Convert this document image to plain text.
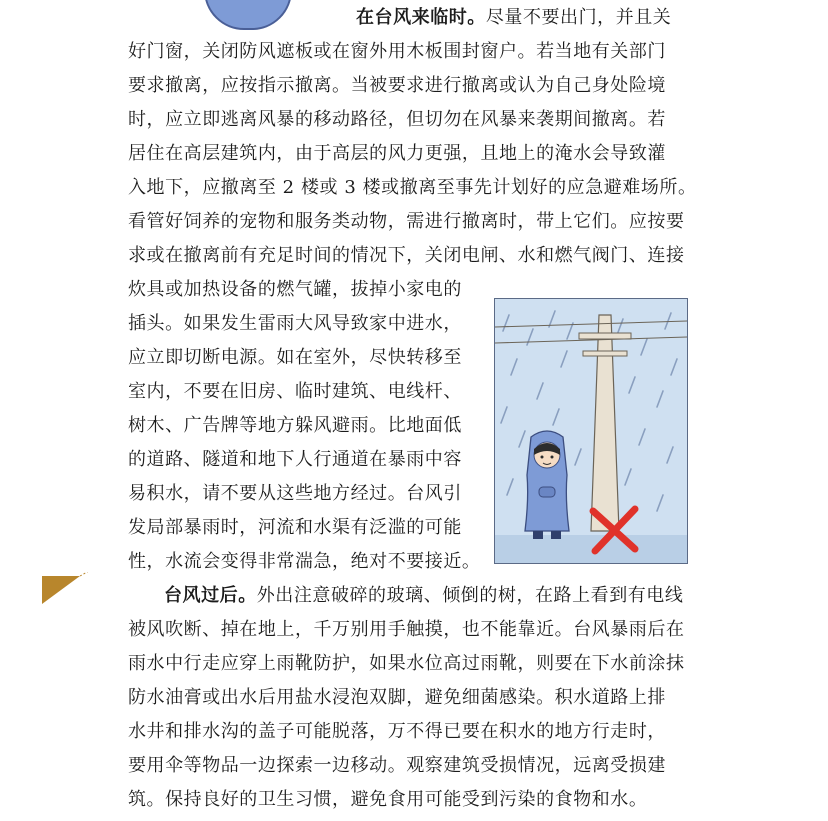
在台风来临时。尽量不要出门，并且关
好门窗，关闭防风遮板或在窗外用木板围封窗户。若当地有关部门
要求撤离，应按指示撤离。当被要求进行撤离或认为自己身处险境
时，应立即逃离风暴的移动路径，但切勿在风暴来袭期间撤离。若
居住在高层建筑内，由于高层的风力更强，且地上的淹水会导致灌
入地下，应撤离至 2 楼或 3 楼或撤离至事先计划好的应急避难场所。
看管好饲养的宠物和服务类动物，需进行撤离时，带上它们。应按要
求或在撤离前有充足时间的情况下，关闭电闸、水和燃气阀门、连接
炊具或加热设备的燃气罐，拔掉小家电的
插头。如果发生雷雨大风导致家中进水，
应立即切断电源。如在室外，尽快转移至
室内，不要在旧房、临时建筑、电线杆、
树木、广告牌等地方躲风避雨。比地面低
的道路、隧道和地下人行通道在暴雨中容
易积水，请不要从这些地方经过。台风引
发局部暴雨时，河流和水渠有泛滥的可能
性，水流会变得非常湍急，绝对不要接近。
台风过后。外出注意破碎的玻璃、倾倒的树，在路上看到有电线
被风吹断、掉在地上，千万别用手触摸，也不能靠近。台风暴雨后在
雨水中行走应穿上雨靴防护，如果水位高过雨靴，则要在下水前涂抹
防水油膏或出水后用盐水浸泡双脚，避免细菌感染。积水道路上排
水井和排水沟的盖子可能脱落，万不得已要在积水的地方行走时，
要用伞等物品一边探索一边移动。观察建筑受损情况，远离受损建
筑。保持良好的卫生习惯，避免食用可能受到污染的食物和水。
